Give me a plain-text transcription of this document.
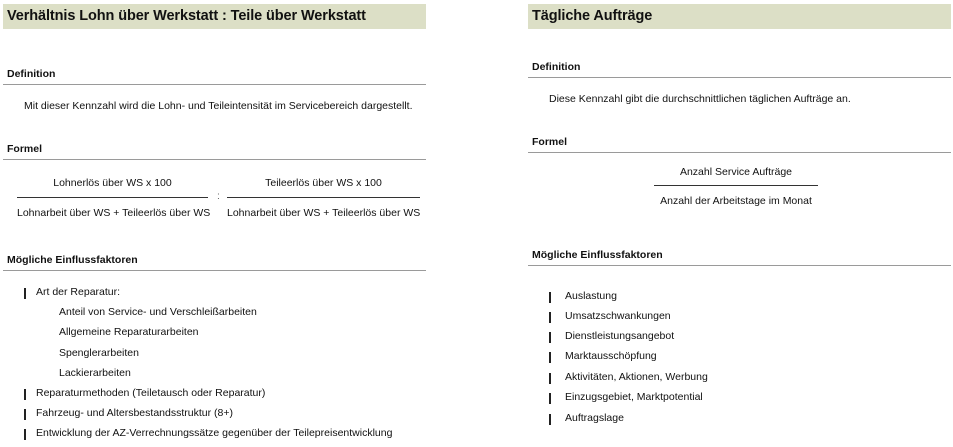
Verhältnis Lohn über Werkstatt : Teile über Werkstatt
Definition
Mit dieser Kennzahl wird die Lohn- und Teileintensität im Servicebereich dargestellt.
Formel
Lohnerlös über WS x 100
Lohnarbeit über WS + Teileerlös über WS
:
Teileerlös über WS x 100
Lohnarbeit über WS + Teileerlös über WS
Mögliche Einflussfaktoren
Art der Reparatur:
Anteil von Service- und Verschleißarbeiten
Allgemeine Reparaturarbeiten
Spenglerarbeiten
Lackierarbeiten
Reparaturmethoden (Teiletausch oder Reparatur)
Fahrzeug- und Altersbestandsstruktur (8+)
Entwicklung der AZ-Verrechnungssätze gegenüber der Teilepreisentwicklung
Tägliche Aufträge
Definition
Diese Kennzahl gibt die durchschnittlichen täglichen Aufträge an.
Formel
Anzahl Service Aufträge
Anzahl der Arbeitstage im Monat
Mögliche Einflussfaktoren
Auslastung
Umsatzschwankungen
Dienstleistungsangebot
Marktausschöpfung
Aktivitäten, Aktionen, Werbung
Einzugsgebiet, Marktpotential
Auftragslage
